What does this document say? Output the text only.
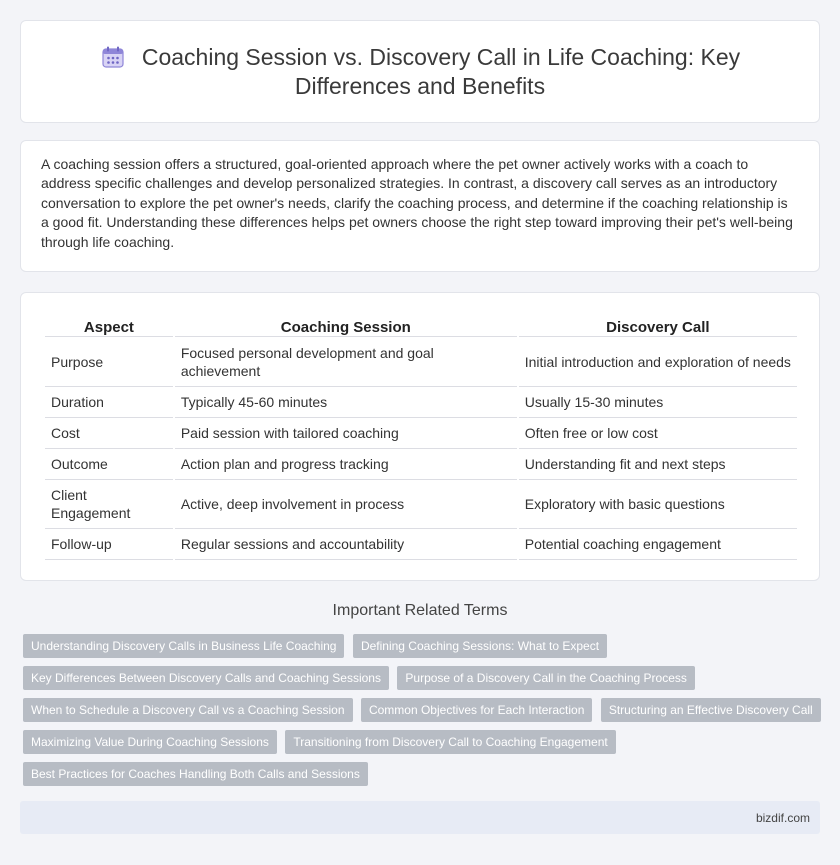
Coaching Session vs. Discovery Call in Life Coaching: Key
Differences and Benefits

A coaching session offers a structured, goal-oriented approach where the pet owner actively works with a coach to address specific challenges and develop personalized strategies. In contrast, a discovery call serves as an introductory conversation to explore the pet owner's needs, clarify the coaching process, and determine if the coaching relationship is a good fit. Understanding these differences helps pet owners choose the right step toward improving their pet's well-being through life coaching.

Aspect	Coaching Session	Discovery Call
Purpose	Focused personal development and goal achievement	Initial introduction and exploration of needs
Duration	Typically 45-60 minutes	Usually 15-30 minutes
Cost	Paid session with tailored coaching	Often free or low cost
Outcome	Action plan and progress tracking	Understanding fit and next steps
Client Engagement	Active, deep involvement in process	Exploratory with basic questions
Follow-up	Regular sessions and accountability	Potential coaching engagement
Important Related Terms
Understanding Discovery Calls in Business Life Coaching Defining Coaching Sessions: What to Expect
Key Differences Between Discovery Calls and Coaching Sessions Purpose of a Discovery Call in the Coaching Process
When to Schedule a Discovery Call vs a Coaching Session Common Objectives for Each Interaction Structuring an Effective Discovery Call
Maximizing Value During Coaching Sessions Transitioning from Discovery Call to Coaching Engagement
Best Practices for Coaches Handling Both Calls and Sessions
bizdif.com
